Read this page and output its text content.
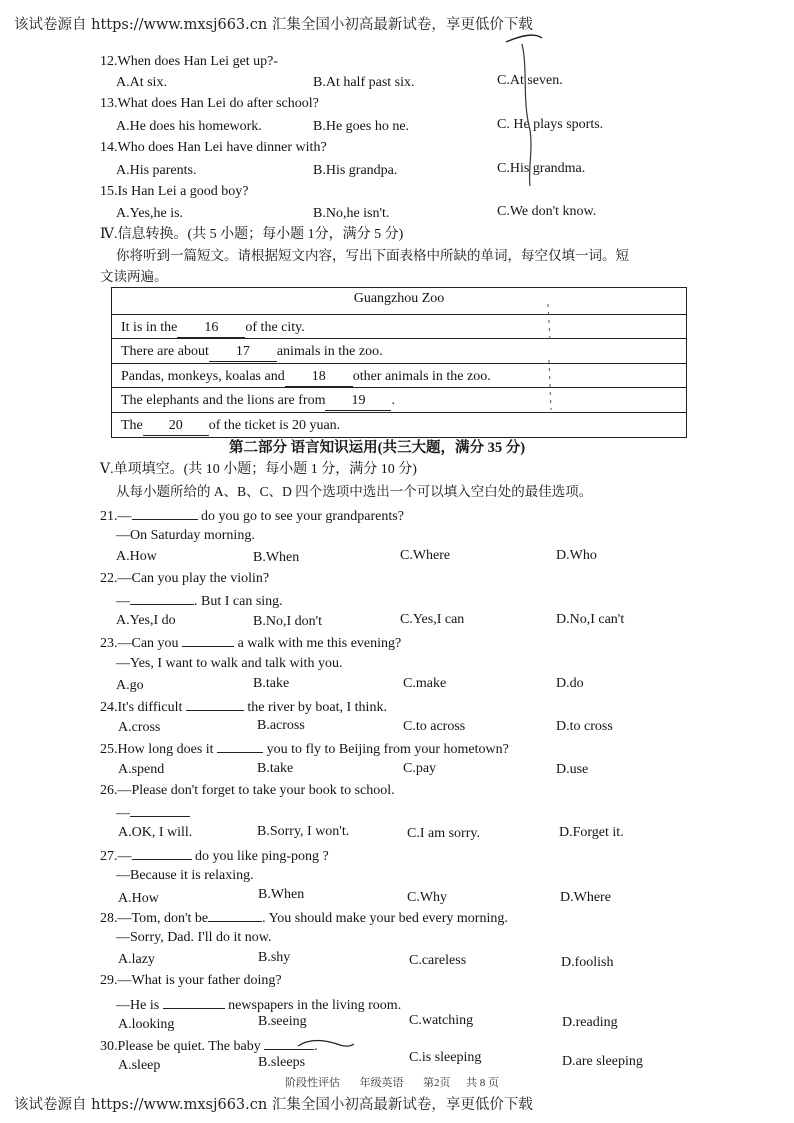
该试卷源自 https://www.mxsj663.cn 汇集全国小初高最新试卷，享更低价下载
12.When does Han Lei get up?-
A.At six.	B.At half past six.	C.At seven.
13.What does Han Lei do after school?
A.He does his homework.	B.He goes ho ne.	C. He plays sports.
14.Who does Han Lei have dinner with?
A.His parents.	B.His grandpa.	C.His grandma.
15.Is Han Lei a good boy?
A.Yes,he is.	B.No,he isn't.	C.We don't know.
Ⅳ.信息转换。(共 5 小题；每小题 1分，满分 5 分)
你将听到一篇短文。请根据短文内容，写出下面表格中所缺的单词，每空仅填一词。短
文读两遍。
Guangzhou Zoo
It is in the 16 of the city.
There are about 17 animals in the zoo.
Pandas, monkeys, koalas and 18 other animals in the zoo.
The elephants and the lions are from 19 .
The 20 of the ticket is 20 yuan.
第二部分 语言知识运用(共三大题，满分 35 分)
Ⅴ.单项填空。(共 10 小题；每小题 1 分，满分 10 分)
从每小题所给的 A、B、C、D 四个选项中选出一个可以填入空白处的最佳选项。
21.—	do you go to see your grandparents?
—On Saturday morning.
A.How	B.When	C.Where	D.Who
22.—Can you play the violin?
—	. But I can sing.
A.Yes,I do	B.No,I don't	C.Yes,I can	D.No,I can't
23.—Can you	a walk with me this evening?
—Yes, I want to walk and talk with you.
A.go	B.take	C.make	D.do
24.It's difficult	the river by boat, I think.
A.cross	B.across	C.to across	D.to cross
25.How long does it	you to fly to Beijing from your hometown?
A.spend	B.take	C.pay	D.use
26.—Please don't forget to take your book to school.
—
A.OK, I will.	B.Sorry, I won't.	C.I am sorry.	D.Forget it.
27.—	do you like ping-pong ?
—Because it is relaxing.
A.How	B.When	C.Why	D.Where
28.—Tom, don't be	. You should make your bed every morning.
—Sorry, Dad. I'll do it now.
A.lazy	B.shy	C.careless	D.foolish
29.—What is your father doing?
—He is	newspapers in the living room.
A.looking	B.seeing	C.watching	D.reading
30.Please be quiet. The baby	.
A.sleep	B.sleeps	C.is sleeping	D.are sleeping
阶段性评估 年级英语 第2页 共 8 页
该试卷源自 https://www.mxsj663.cn 汇集全国小初高最新试卷，享更低价下载
